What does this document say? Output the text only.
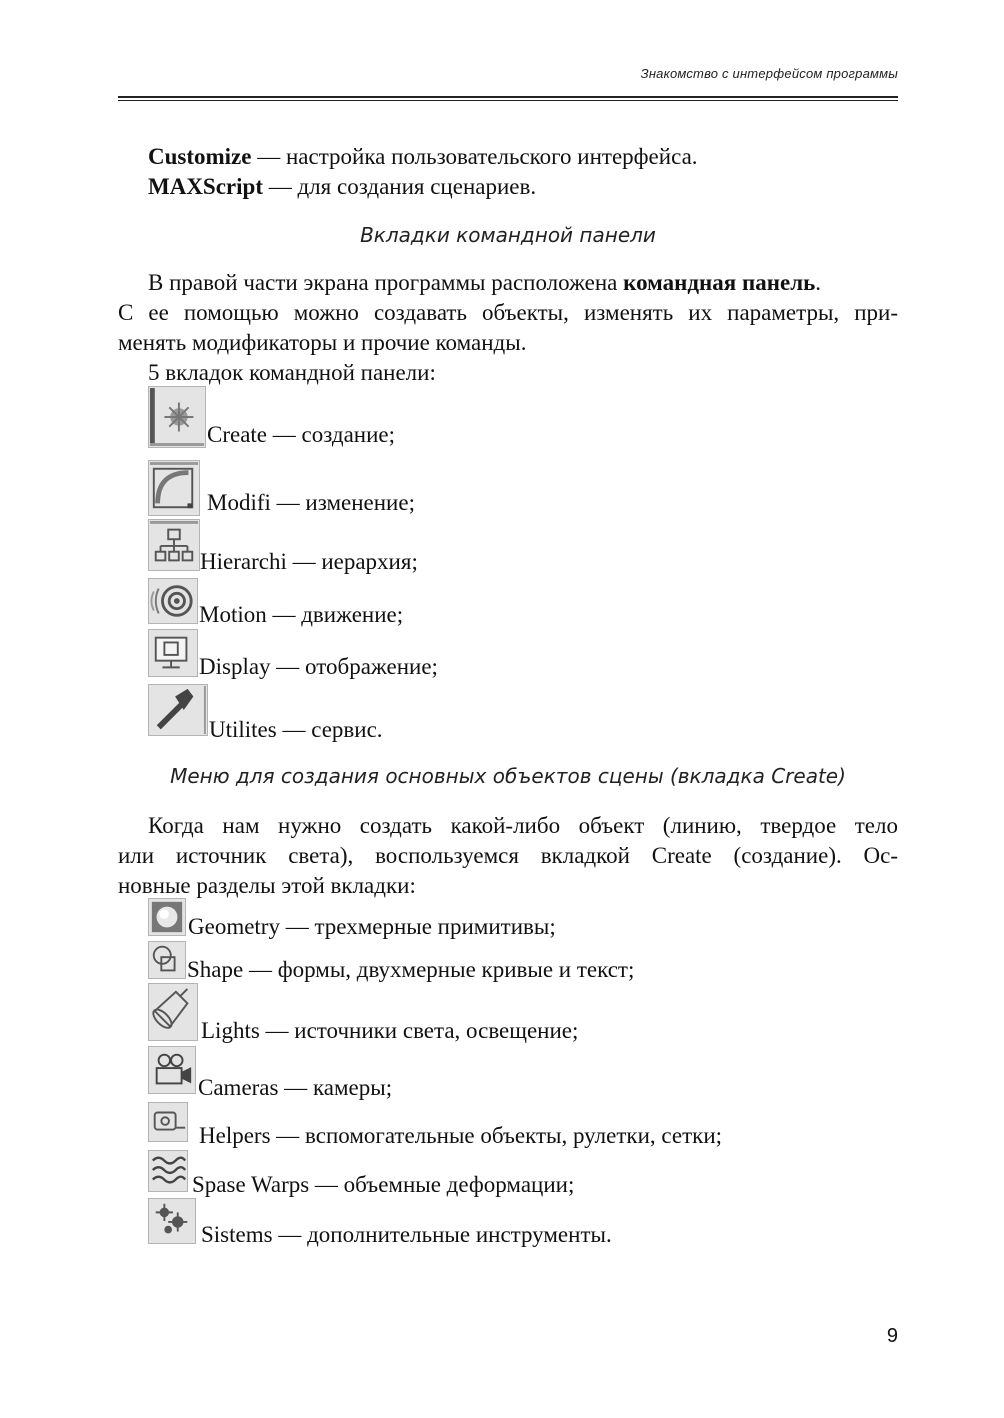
Знакомство с интерфейсом программы
Customize — настройка пользовательского интерфейса.
MAXScript — для создания сценариев.
Вкладки командной панели
В правой части экрана программы расположена командная панель.
С ее помощью можно создавать объекты, изменять их параметры, при-
менять модификаторы и прочие команды.
5 вкладок командной панели:
Create — создание;
Modifi — изменение;
Hierarchi — иерархия;
Motion — движение;
Display — отображение;
Utilites — сервис.
Меню для создания основных объектов сцены (вкладка Create)
Когда нам нужно создать какой-либо объект (линию, твердое тело
или источник света), воспользуемся вкладкой Create (создание). Ос-
новные разделы этой вкладки:
Geometry — трехмерные примитивы;
Shape — формы, двухмерные кривые и текст;
Lights — источники света, освещение;
Cameras — камеры;
Helpers — вспомогательные объекты, рулетки, сетки;
Spase Warps — объемные деформации;
Sistems — дополнительные инструменты.
9
